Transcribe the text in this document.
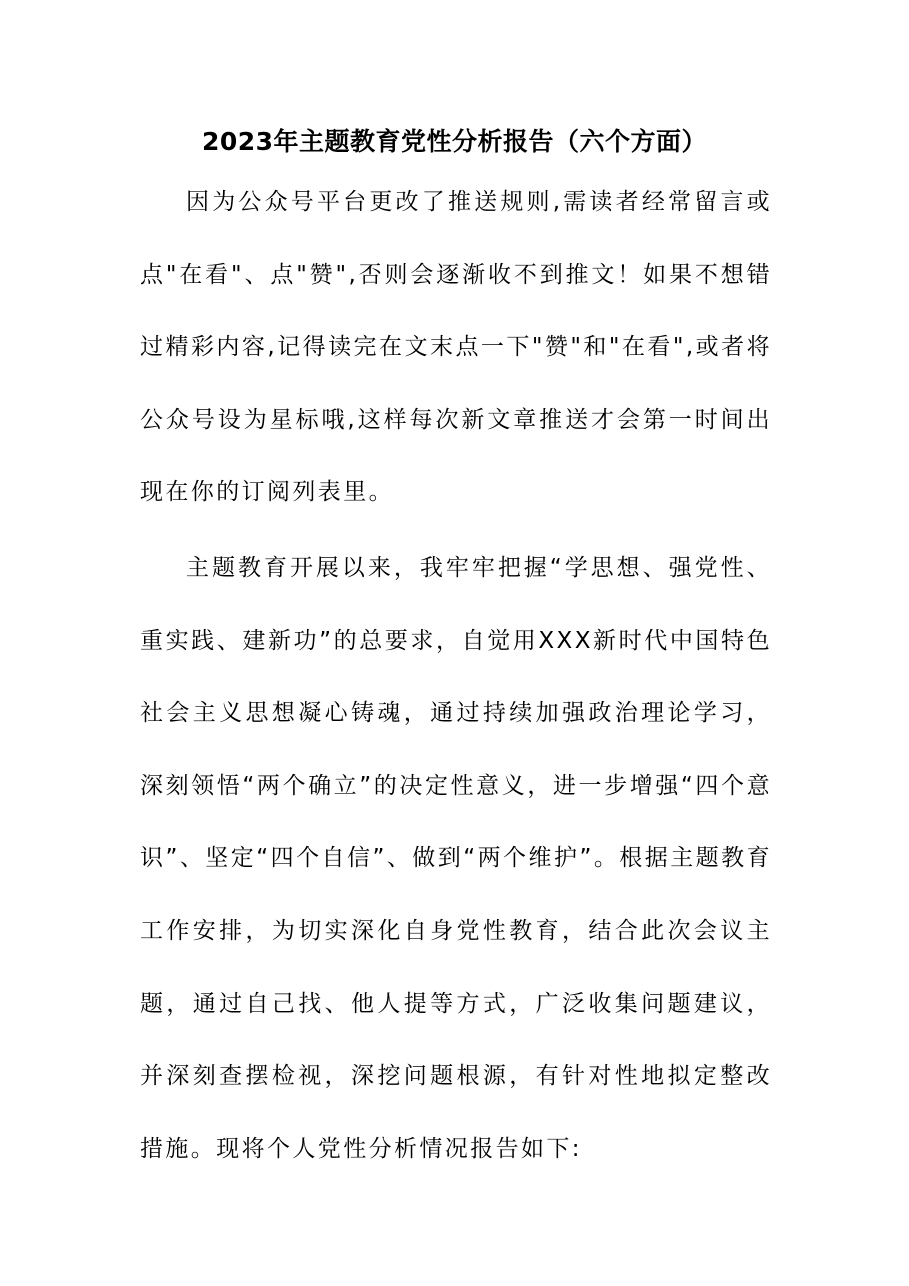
2023年主题教育党性分析报告（六个方面）

因为公众号平台更改了推送规则,需读者经常留言或点"在看"、点"赞",否则会逐渐收不到推文！如果不想错过精彩内容,记得读完在文末点一下"赞"和"在看",或者将公众号设为星标哦,这样每次新文章推送才会第一时间出现在你的订阅列表里。

主题教育开展以来，我牢牢把握“学思想、强党性、重实践、建新功”的总要求，自觉用XXX新时代中国特色社会主义思想凝心铸魂，通过持续加强政治理论学习，深刻领悟“两个确立”的决定性意义，进一步增强“四个意识”、坚定“四个自信”、做到“两个维护”。根据主题教育工作安排，为切实深化自身党性教育，结合此次会议主题，通过自己找、他人提等方式，广泛收集问题建议，并深刻查摆检视，深挖问题根源，有针对性地拟定整改措施。现将个人党性分析情况报告如下:
